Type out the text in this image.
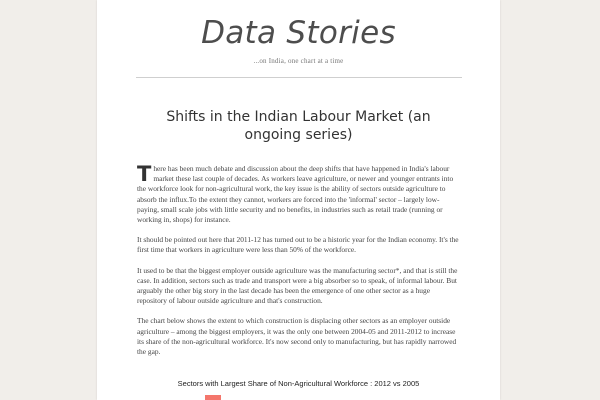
Data Stories
...on India, one chart at a time
Shifts in the Indian Labour Market (an ongoing series)

There has been much debate and discussion about the deep shifts that have happened in India's labour market these last couple of decades. As workers leave agriculture, or newer and younger entrants into the workforce look for non-agricultural work, the key issue is the ability of sectors outside agriculture to absorb the influx.To the extent they cannot, workers are forced into the 'informal' sector – largely low-paying, small scale jobs with little security and no benefits, in industries such as retail trade (running or working in, shops) for instance.

It should be pointed out here that 2011-12 has turned out to be a historic year for the Indian economy. It's the first time that workers in agriculture were less than 50% of the workforce.

It used to be that the biggest employer outside agriculture was the manufacturing sector*, and that is still the case. In addition, sectors such as trade and transport were a big absorber so to speak, of informal labour. But arguably the other big story in the last decade has been the emergence of one other sector as a huge repository of labour outside agriculture and that's construction.

The chart below shows the extent to which construction is displacing other sectors as an employer outside agriculture – among the biggest employers, it was the only one between 2004-05 and 2011-2012 to increase its share of the non-agricultural workforce. It's now second only to manufacturing, but has rapidly narrowed the gap.

Sectors with Largest Share of Non-Agricultural Workforce : 2012 vs 2005
